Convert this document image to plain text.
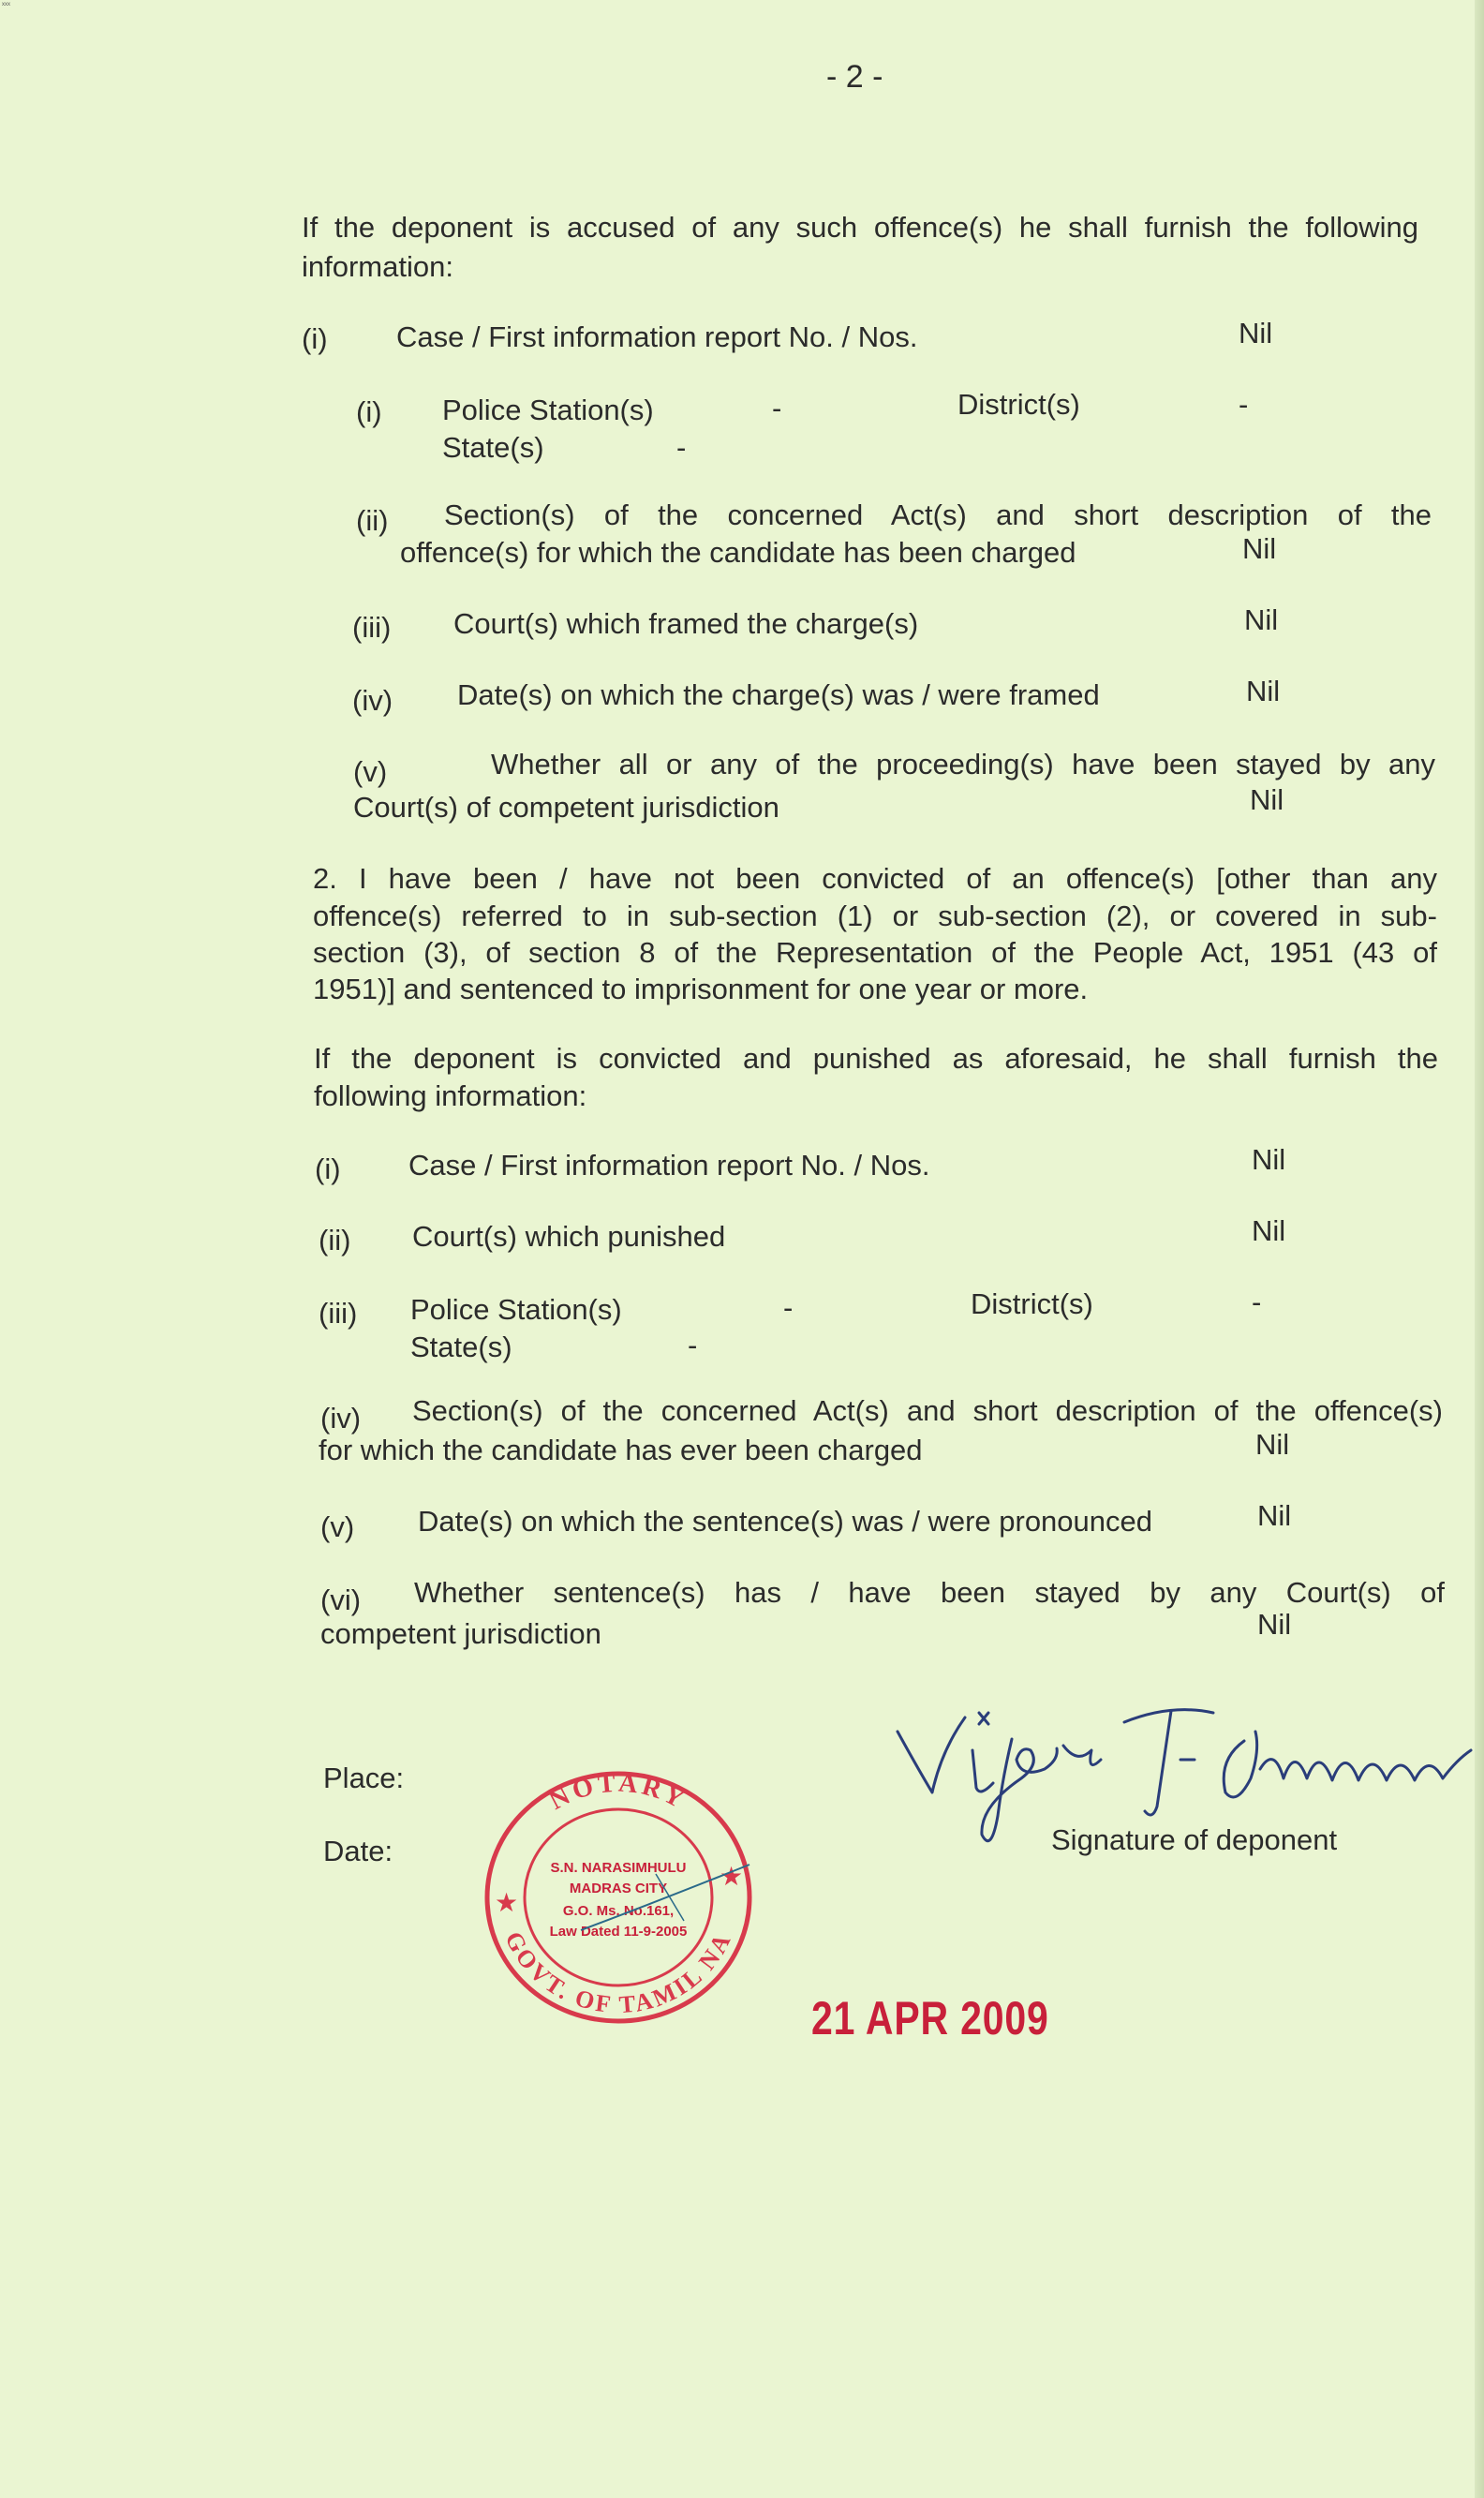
xxx
- 2 -
If the deponent is accused of any such offence(s) he shall furnish the following
information:
(i) Case / First information report No. / Nos.	Nil
(i) Police Station(s)	-	District(s)	-
State(s)	-
(ii) Section(s) of the concerned Act(s) and short description of the
offence(s) for which the candidate has been charged	Nil
(iii) Court(s) which framed the charge(s)	Nil
(iv) Date(s) on which the charge(s) was / were framed	Nil
(v)	Whether all or any of the proceeding(s) have been stayed by any
Court(s) of competent jurisdiction	Nil
2. I have been / have not been convicted of an offence(s) [other than any
offence(s) referred to in sub-section (1) or sub-section (2), or covered in sub-
section (3), of section 8 of the Representation of the People Act, 1951 (43 of
1951)] and sentenced to imprisonment for one year or more.
If the deponent is convicted and punished as aforesaid, he shall furnish the
following information:
(i) Case / First information report No. / Nos.	Nil
(ii) Court(s) which punished	Nil
(iii) Police Station(s)	-	District(s)	-
State(s)	-
(iv) Section(s) of the concerned Act(s) and short description of the offence(s)
for which the candidate has ever been charged	Nil
(v) Date(s) on which the sentence(s) was / were pronounced	Nil
(vi) Whether sentence(s) has / have been stayed by any Court(s) of
competent jurisdiction	Nil
Place:
Date:
NOTARY
GOVT. OF TAMIL NA
★
★
S.N. NARASIMHULU
MADRAS CITY
G.O. Ms. No.161,
Law Dated 11-9-2005
Signature of deponent
21 APR 2009
